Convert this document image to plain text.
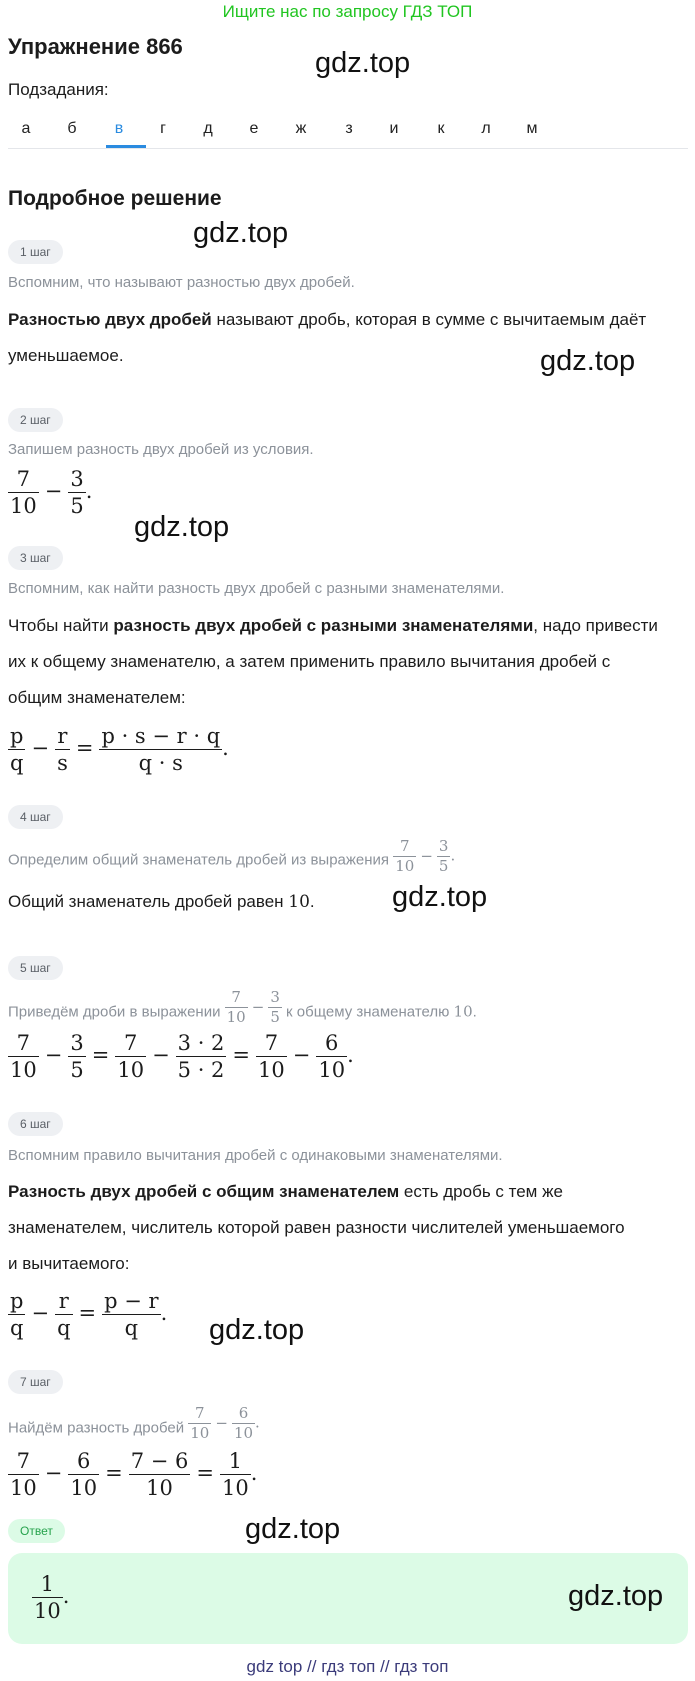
Ищите нас по запросу ГДЗ ТОП
Упражнение 866
Подзадания:
gdz.top
а	б	в	г	д	е	ж	з	и	к	л	м
Подробное решение
gdz.top
1 шаг
Вспомним, что называют разностью двух дробей.
Разностью двух дробей называют дробь, которая в сумме с вычитаемым даёт
уменьшаемое.	gdz.top
2 шаг
Запишем разность двух дробей из условия.
$\frac{7}{10} - \frac{3}{5}$ .
gdz.top
3 шаг
Вспомним, как найти разность двух дробей с разными знаменателями.
Чтобы найти разность двух дробей с разными знаменателями, надо привести
их к общему знаменателю, а затем применить правило вычитания дробей с
общим знаменателем:
$\frac{p}{q} - \frac{r}{s} = \frac{p \cdot s - r \cdot q}{q \cdot s}$ .
4 шаг
Определим общий знаменатель дробей из выражения $\frac{7}{10} - \frac{3}{5}$ .
Общий знаменатель дробей равен 10.	gdz.top
5 шаг
Приведём дроби в выражении $\frac{7}{10} - \frac{3}{5}$ к общему знаменателю 10.
$\frac{7}{10} - \frac{3}{5} = \frac{7}{10} - \frac{3 \cdot 2}{5 \cdot 2} = \frac{7}{10} - \frac{6}{10}$ .
6 шаг
Вспомним правило вычитания дробей с одинаковыми знаменателями.
Разность двух дробей с общим знаменателем есть дробь с тем же
знаменателем, числитель которой равен разности числителей уменьшаемого
и вычитаемого:
$\frac{p}{q} - \frac{r}{q} = \frac{p - r}{q}$ .
gdz.top
7 шаг
Найдём разность дробей $\frac{7}{10} - \frac{6}{10}$ .
$\frac{7}{10} - \frac{6}{10} = \frac{7 - 6}{10} = \frac{1}{10}$ .
Ответ	gdz.top
$\frac{1}{10}$ .	gdz.top
gdz top // гдз топ // гдз топ
